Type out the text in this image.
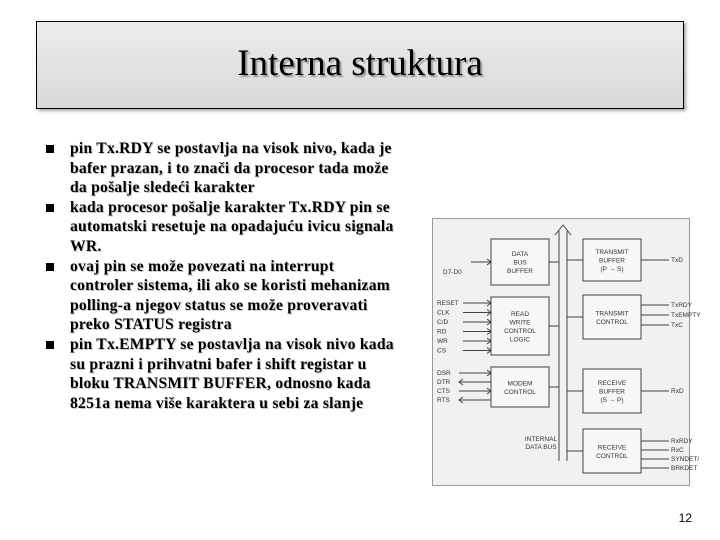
Interna struktura
pin Tx.RDY se postavlja na visok nivo, kada je bafer prazan, i to znači da procesor tada može da pošalje sledeći karakter
kada procesor pošalje karakter Tx.RDY pin se automatski resetuje na opadajuću ivicu signala WR.
ovaj pin se može povezati na interrupt controler sistema, ili ako se koristi mehanizam polling-a njegov status se može proveravati preko STATUS registra
pin Tx.EMPTY se postavlja na visok nivo kada su prazni i prihvatni bafer i shift registar u bloku TRANSMIT BUFFER, odnosno kada 8251a nema više karaktera u sebi za slanje
INTERNAL
DATA BUS
DATA
BUS
BUFFER
READ
WRITE
CONTROL
LOGIC
MODEM
CONTROL
TRANSMIT
BUFFER
(P → S)
TRANSMIT
CONTROL
RECEIVE
BUFFER
(S → P)
RECEIVE
CONTROL
D7-D0
RESET
CLK
C/D
RD
WR
CS
DSR
DTR
CTS
RTS
TxD
TxRDY
TxEMPTY
TxC
RxD
RxRDY
RxC
SYNDET/
BRKDET
12
